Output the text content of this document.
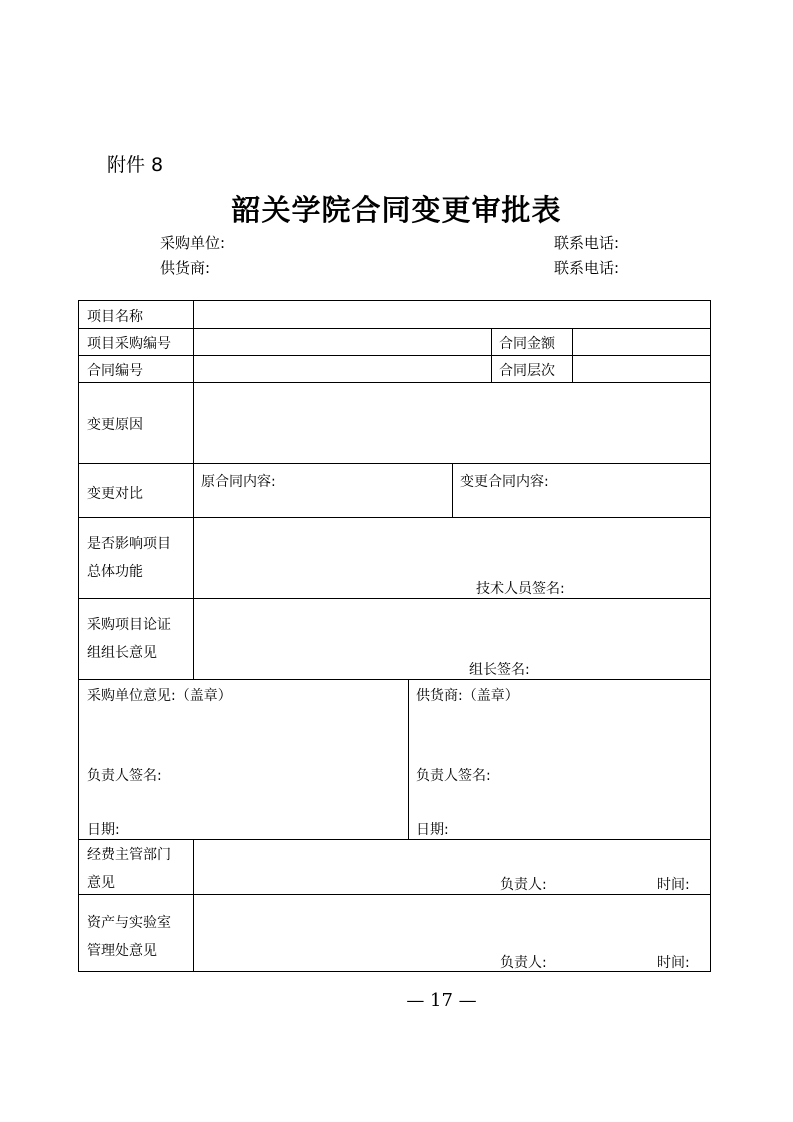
附件 8
韶关学院合同变更审批表
采购单位:	联系电话:
供货商:	联系电话:
项目名称
项目采购编号	合同金额
合同编号	合同层次
变更原因
变更对比
原合同内容:	变更合同内容:
是否影响项目
总体功能
技术人员签名:
采购项目论证
组组长意见
组长签名:
采购单位意见:（盖章）	供货商:（盖章）
负责人签名:	负责人签名:
日期:	日期:
经费主管部门
意见	负责人:	时间:
资产与实验室
管理处意见
负责人:	时间:
— 17 —
